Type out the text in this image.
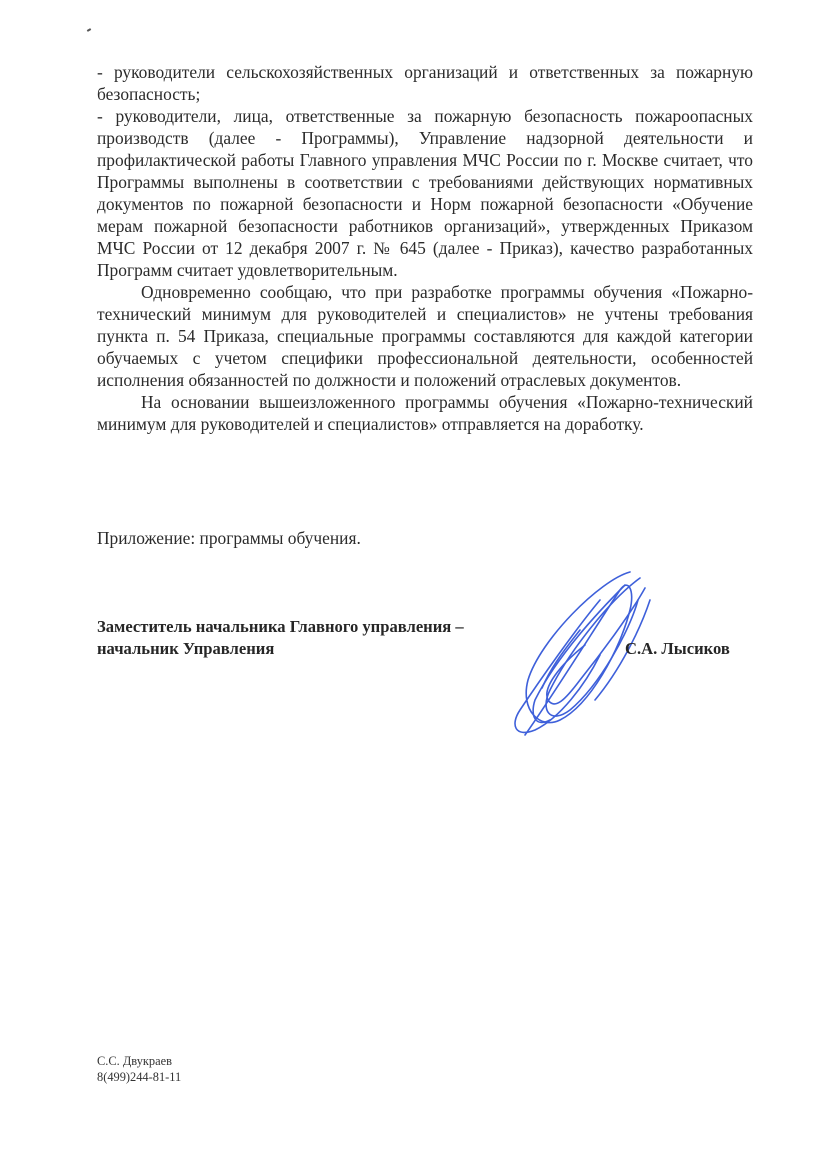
- руководители сельскохозяйственных организаций и ответственных за пожарную безопасность;

- руководители, лица, ответственные за пожарную безопасность пожароопасных производств (далее - Программы), Управление надзорной деятельности и профилактической работы Главного управления МЧС России по г. Москве считает, что Программы выполнены в соответствии с требованиями действующих нормативных документов по пожарной безопасности и Норм пожарной безопасности «Обучение мерам пожарной безопасности работников организаций», утвержденных Приказом МЧС России от 12 декабря 2007 г. № 645 (далее - Приказ), качество разработанных Программ считает удовлетворительным.

Одновременно сообщаю, что при разработке программы обучения «Пожарно-технический минимум для руководителей и специалистов» не учтены требования пункта п. 54 Приказа, специальные программы составляются для каждой категории обучаемых с учетом специфики профессиональной деятельности, особенностей исполнения обязанностей по должности и положений отраслевых документов.

На основании вышеизложенного программы обучения «Пожарно-технический минимум для руководителей и специалистов» отправляется на доработку.

Приложение: программы обучения.
Заместитель начальника Главного управления –
начальник Управления	С.А. Лысиков
С.С. Двукраев
8(499)244-81-11
